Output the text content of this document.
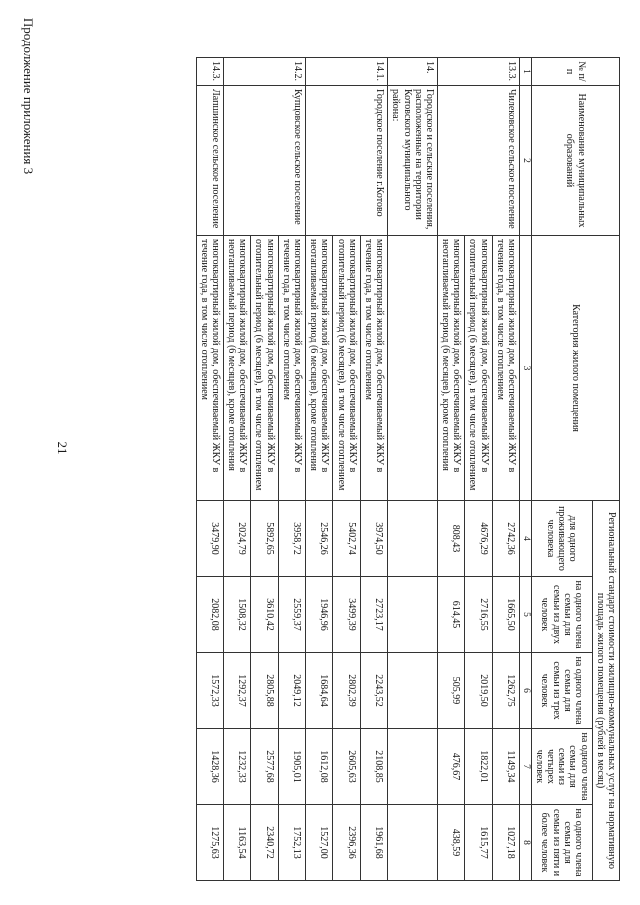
21
Продолжение приложения 3	№ п/п	Наименование муниципальных образований	Категория жилого помещения	Региональный стандарт стоимости жилищно-коммунальных услуг на нормативную площадь жилого помещения (рублей в месяц)				
			для одного проживающего человека	на одного члена семьи для семьи из двух человек	на одного члена семьи для семьи из трех человек	на одного члена семьи для семьи из четырех человек	на одного члена семьи для семьи из пяти и более человек
1	2	3	4	5	6	7	8
13.3.	Чилековское сельское поселение	многоквартирный жилой дом, обеспечиваемый ЖКУ в течение года, в том числе отоплением	2742,36	1665,50	1262,75	1149,34	1027,18
		многоквартирный жилой дом, обеспечиваемый ЖКУ в отопительный период (6 месяцев), в том числе отоплением	4676,29	2716,55	2019,50	1822,01	1615,77
		многоквартирный жилой дом, обеспечиваемый ЖКУ в неотапливаемый период (6 месяцев), кроме отопления	808,43	614,45	505,99	476,67	438,59
14.	Городское и сельские поселения, расположенные на территории Котовского муниципального района:						
14.1.	Городское поселение г.Котово	многоквартирный жилой дом, обеспечиваемый ЖКУ в течение года, в том числе отоплением	3974,50	2723,17	2243,52	2108,85	1961,68
		многоквартирный жилой дом, обеспечиваемый ЖКУ в отопительный период (6 месяцев), в том числе отоплением	5402,74	3499,39	2802,39	2605,63	2396,36
		многоквартирный жилой дом, обеспечиваемый ЖКУ в неотапливаемый период (6 месяцев), кроме отопления	2546,26	1946,96	1684,64	1612,08	1527,00
14.2.	Купцовское сельское поселение	многоквартирный жилой дом, обеспечиваемый ЖКУ в течение года, в том числе отоплением	3958,72	2559,37	2049,12	1905,01	1752,13
		многоквартирный жилой дом, обеспечиваемый ЖКУ в отопительный период (6 месяцев), в том числе отоплением	5892,65	3610,42	2805,88	2577,68	2340,72
		многоквартирный жилой дом, обеспечиваемый ЖКУ в неотапливаемый период (6 месяцев), кроме отопления	2024,79	1508,32	1292,37	1232,33	1163,54
14.3.	Лапшинское сельское поселение	многоквартирный жилой дом, обеспечиваемый ЖКУ в течение года, в том числе отоплением	3479,90	2082,08	1572,33	1428,36	1275,63
